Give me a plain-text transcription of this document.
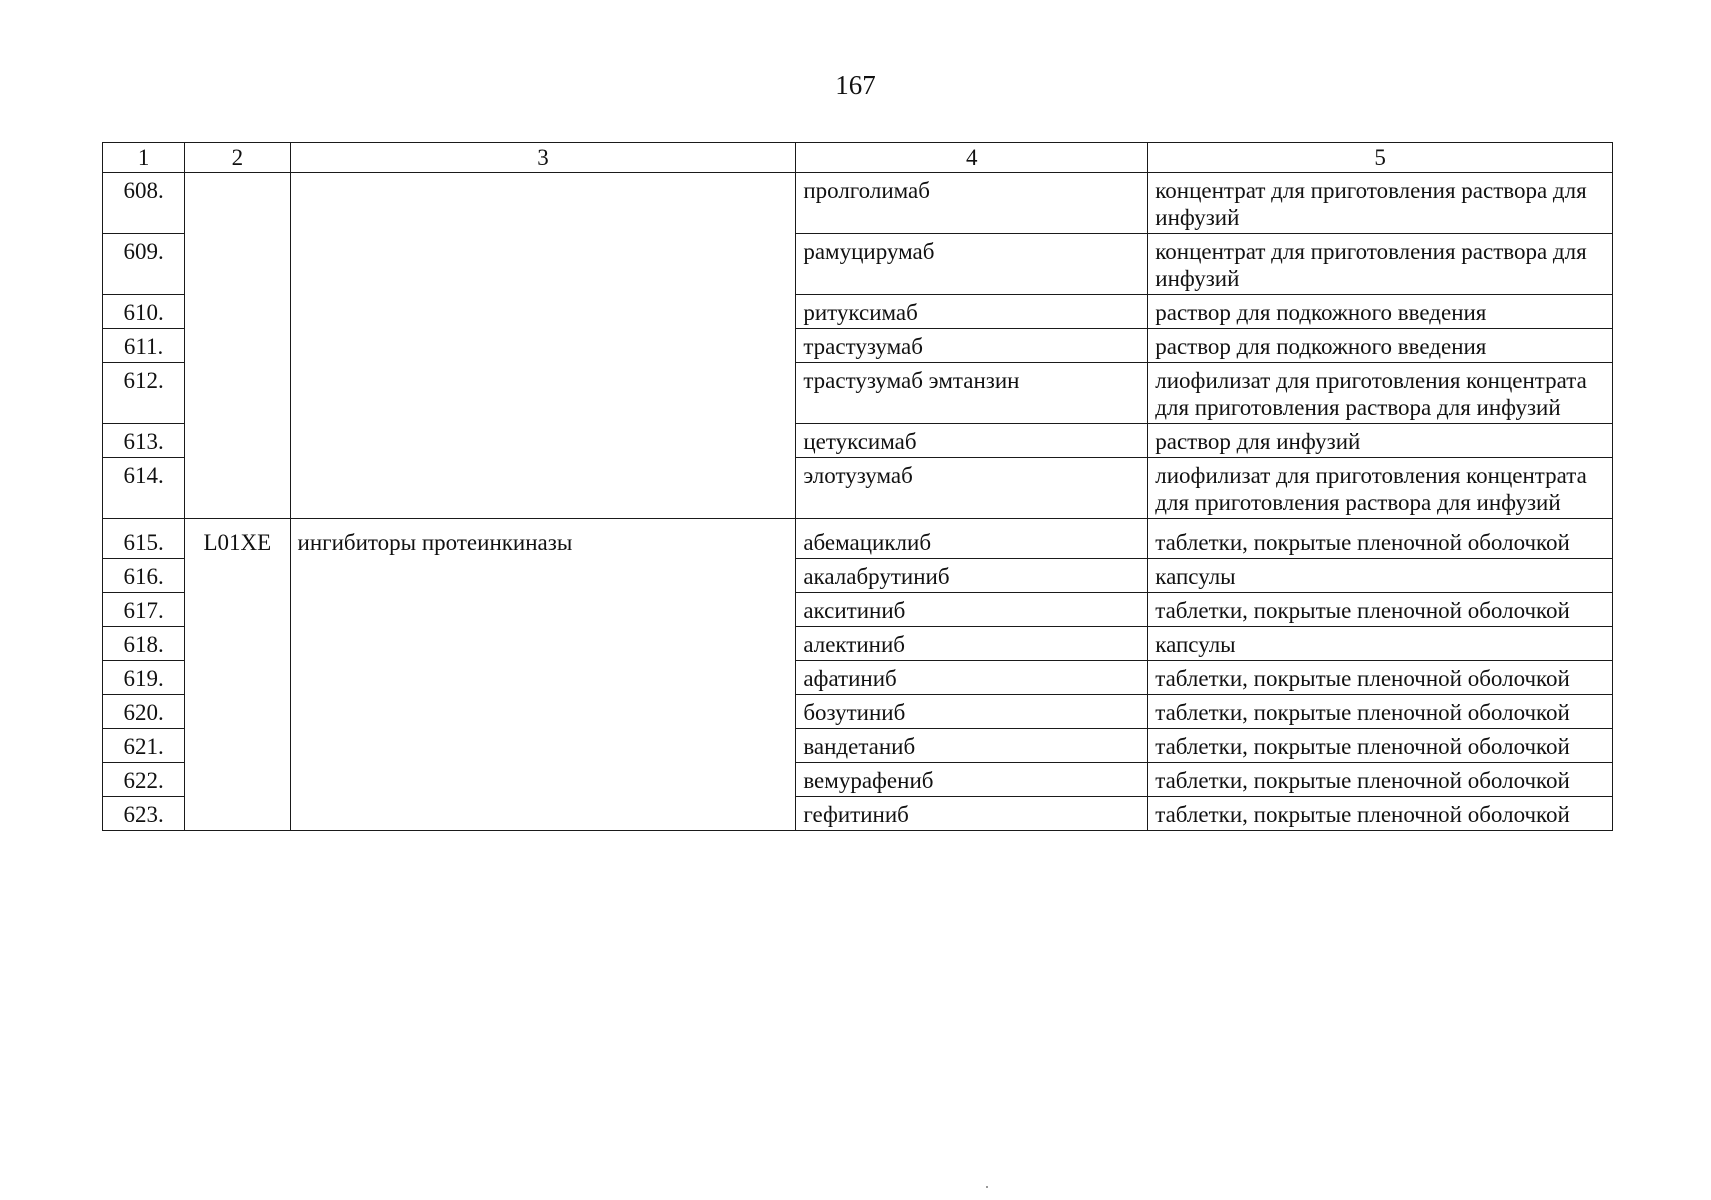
167
1	2	3	4	5
608.			пролголимаб	концентрат для приготовления раствора для инфузий
609.			рамуцирумаб	концентрат для приготовления раствора для инфузий
610.			ритуксимаб	раствор для подкожного введения
611.			трастузумаб	раствор для подкожного введения
612.			трастузумаб эмтанзин	лиофилизат для приготовления концентрата для приготовления раствора для инфузий
613.			цетуксимаб	раствор для инфузий
614.			элотузумаб	лиофилизат для приготовления концентрата для приготовления раствора для инфузий
615.	L01XE	ингибиторы протеинкиназы	абемациклиб	таблетки, покрытые пленочной оболочкой
616.			акалабрутиниб	капсулы
617.			акситиниб	таблетки, покрытые пленочной оболочкой
618.			алектиниб	капсулы
619.			афатиниб	таблетки, покрытые пленочной оболочкой
620.			бозутиниб	таблетки, покрытые пленочной оболочкой
621.			вандетаниб	таблетки, покрытые пленочной оболочкой
622.			вемурафениб	таблетки, покрытые пленочной оболочкой
623.			гефитиниб	таблетки, покрытые пленочной оболочкой
